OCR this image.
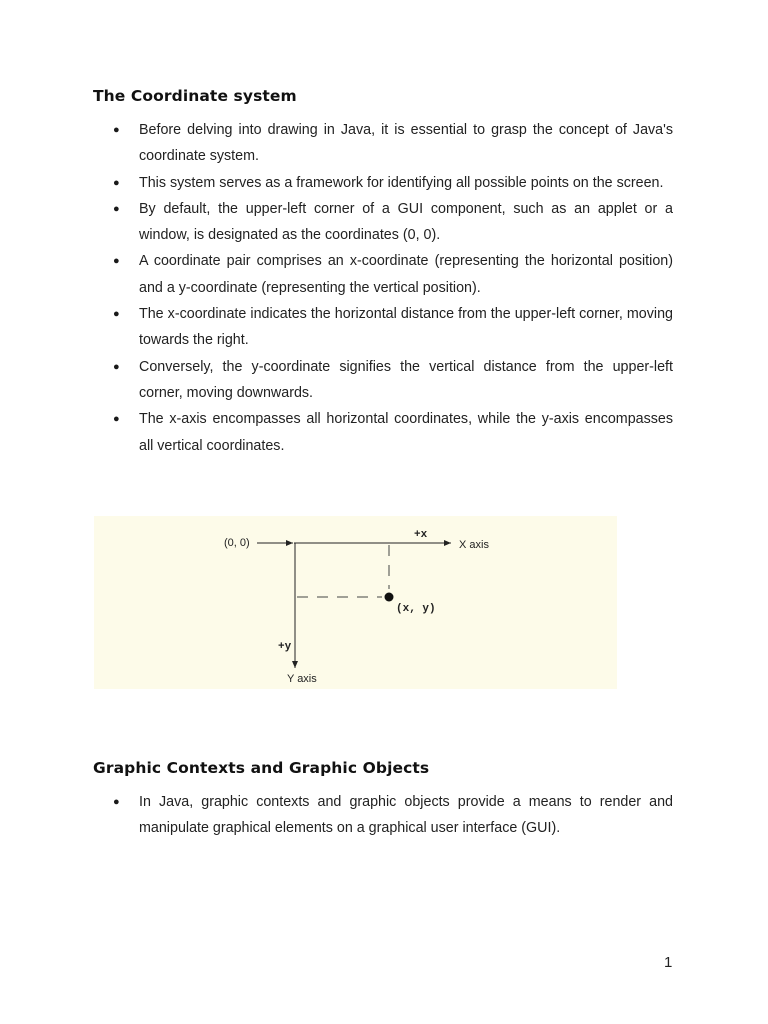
The Coordinate system
● Before delving into drawing in Java, it is essential to grasp the concept of Java's coordinate system.
● This system serves as a framework for identifying all possible points on the screen.
● By default, the upper-left corner of a GUI component, such as an applet or a window, is designated as the coordinates (0, 0).
● A coordinate pair comprises an x-coordinate (representing the horizontal position) and a y-coordinate (representing the vertical position).
● The x-coordinate indicates the horizontal distance from the upper-left corner, moving towards the right.
● Conversely, the y-coordinate signifies the vertical distance from the upper-left corner, moving downwards.
● The x-axis encompasses all horizontal coordinates, while the y-axis encompasses all vertical coordinates.
(0, 0)
+x
X axis
+y
Y axis
(x, y)
Graphic Contexts and Graphic Objects
● In Java, graphic contexts and graphic objects provide a means to render and manipulate graphical elements on a graphical user interface (GUI).
1
